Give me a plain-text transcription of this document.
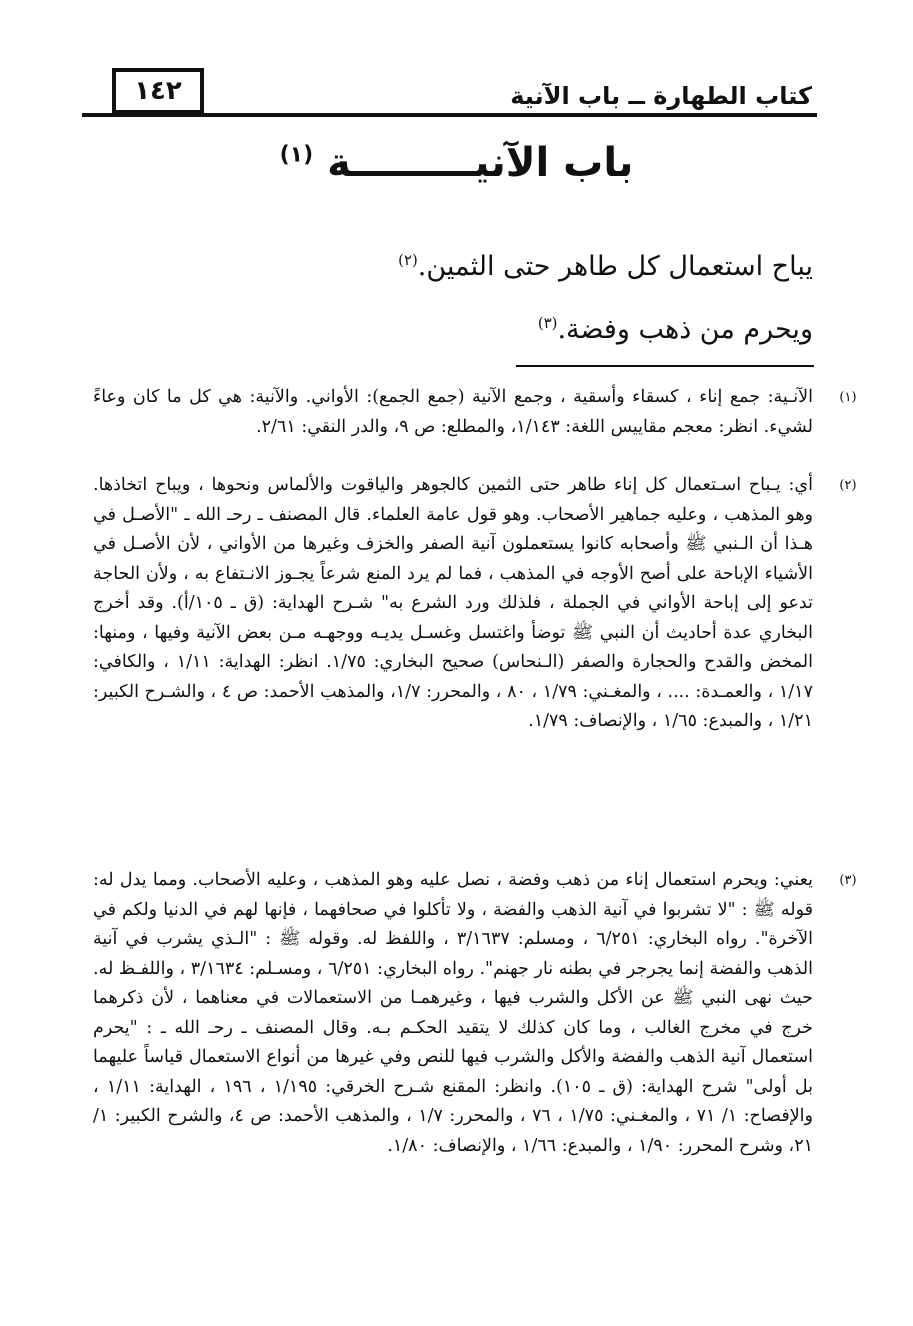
١٤٢	كتاب الطهارة ــ باب الآنية
باب الآنيـــــــــة $^{(١)}$
يباح استعمال كل طاهر حتى الثمين.$^{(٢)}$
ويحرم من ذهب وفضة.$^{(٣)}$
(١)
الآنـية: جمع إناء ، كسقاء وأسقية ، وجمع الآنية (جمع الجمع): الأواني. والآنية: هي كل ما كان وعاءً لشيء. انظر: معجم مقاييس اللغة: ١/١٤٣، والمطلع: ص ٩، والدر النقي: ٢/٦١.
(٢)
أي: يـباح اسـتعمال كل إناء طاهر حتى الثمين كالجوهر والياقوت والألماس ونحوها ، ويباح اتخاذها. وهو المذهب ، وعليه جماهير الأصحاب. وهو قول عامة العلماء. قال المصنف ـ رحـ الله ـ "الأصـل في هـذا أن الـنبي ﷺ وأصحابه كانوا يستعملون آنية الصفر والخزف وغيرها من الأواني ، لأن الأصـل في الأشياء الإباحة على أصح الأوجه في المذهب ، فما لم يرد المنع شرعاً يجـوز الانـتفاع به ، ولأن الحاجة تدعو إلى إباحة الأواني في الجملة ، فلذلك ورد الشرع به" شـرح الهداية: (ق ـ ١٠٥/أ). وقد أخرج البخاري عدة أحاديث أن النبي ﷺ توضأ واغتسل وغسـل يديـه ووجهـه مـن بعض الآنية وفيها ، ومنها: المخض والقدح والحجارة والصفر (الـنحاس) صحيح البخاري: ١/٧٥. انظر: الهداية: ١/١١ ، والكافي: ١/١٧ ، والعمـدة: .... ، والمغـني: ١/٧٩ ، ٨٠ ، والمحرر: ١/٧، والمذهب الأحمد: ص ٤ ، والشـرح الكبير: ١/٢١ ، والمبدع: ١/٦٥ ، والإنصاف: ١/٧٩.
(٣)
يعني: ويحرم استعمال إناء من ذهب وفضة ، نصل عليه وهو المذهب ، وعليه الأصحاب. ومما يدل له: قوله ﷺ : "لا تشربوا في آنية الذهب والفضة ، ولا تأكلوا في صحافهما ، فإنها لهم في الدنيا ولكم في الآخرة". رواه البخاري: ٦/٢٥١ ، ومسلم: ٣/١٦٣٧ ، واللفظ له. وقوله ﷺ : "الـذي يشرب في آنية الذهب والفضة إنما يجرجر في بطنه نار جهنم". رواه البخاري: ٦/٢٥١ ، ومسـلم: ٣/١٦٣٤ ، واللفـظ له. حيث نهى النبي ﷺ عن الأكل والشرب فيها ، وغيرهمـا من الاستعمالات في معناهما ، لأن ذكرهما خرج في مخرج الغالب ، وما كان كذلك لا يتقيد الحكـم بـه. وقال المصنف ـ رحـ الله ـ : "يحرم استعمال آنية الذهب والفضة والأكل والشرب فيها للنص وفي غيرها من أنواع الاستعمال قياساً عليهما بل أولى" شرح الهداية: (ق ـ ١٠٥). وانظر: المقنع شـرح الخرقي: ١/١٩٥ ، ١٩٦ ، الهداية: ١/١١ ، والإفصاح: ١/ ٧١ ، والمغـني: ١/٧٥ ، ٧٦ ، والمحرر: ١/٧ ، والمذهب الأحمد: ص ٤، والشرح الكبير: ١/ ٢١، وشرح المحرر: ١/٩٠ ، والمبدع: ١/٦٦ ، والإنصاف: ١/٨٠.
